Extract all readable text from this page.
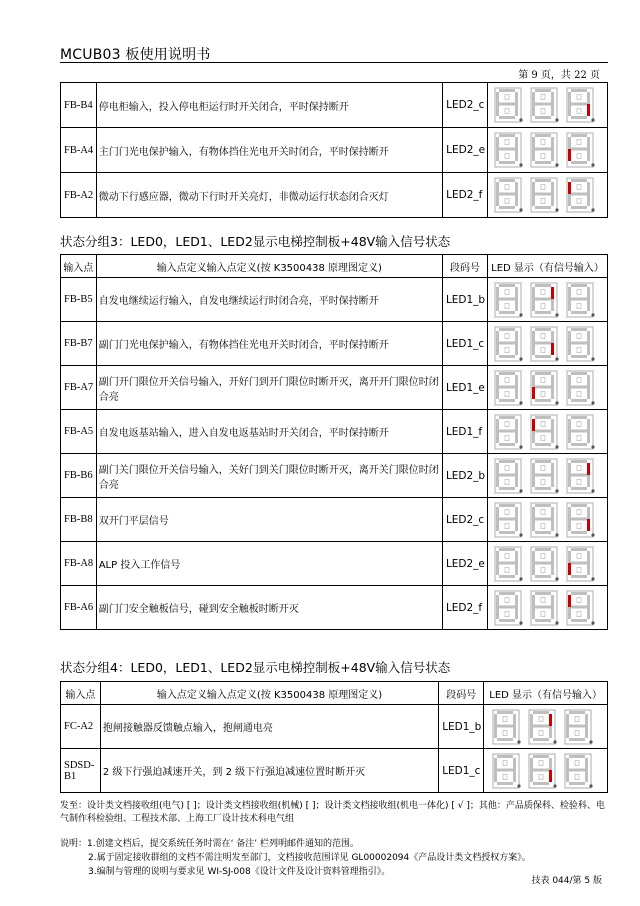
MCUB03 板使用说明书
第 9 页，共 22 页
FB-B4	停电柜输入，投入停电柜运行时开关闭合，平时保持断开	LED2_c	

FB-A4	主门门光电保护输入，有物体挡住光电开关时闭合，平时保持断开	LED2_e	

FB-A2	微动下行感应器，微动下行时开关亮灯，非微动运行状态闭合灭灯	LED2_f	
状态分组3：LED0，LED1、LED2显示电梯控制板+48V输入信号状态
输入点	输入点定义输入点定义(按 K3500438 原理图定义)	段码号	LED 显示（有信号输入）
FB-B5	自发电继续运行输入，自发电继续运行时闭合亮，平时保持断开	LED1_b	

FB-B7	副门门光电保护输入，有物体挡住光电开关时闭合，平时保持断开	LED1_c	

FB-A7	副门开门限位开关信号输入，开好门到开门限位时断开灭，离开开门限位时闭合亮	LED1_e	

FB-A5	自发电返基站输入，进入自发电返基站时开关闭合，平时保持断开	LED1_f	

FB-B6	副门关门限位开关信号输入，关好门到关门限位时断开灭，离开关门限位时闭合亮	LED2_b	

FB-B8	双开门平层信号	LED2_c	

FB-A8	ALP 投入工作信号	LED2_e	

FB-A6	副门门安全触板信号，碰到安全触板时断开灭	LED2_f	
状态分组4：LED0，LED1、LED2显示电梯控制板+48V输入信号状态
输入点	输入点定义输入点定义(按 K3500438 原理图定义)	段码号	LED 显示（有信号输入）
FC-A2	抱闸接触器反馈触点输入，抱闸通电亮	LED1_b	

SDSD-B1	2 级下行强迫减速开关，到 2 级下行强迫减速位置时断开灭	LED1_c	
发至：设计类文档接收组(电气) [ ]；设计类文档接收组(机械) [ ]；设计类文档接收组(机电一体化) [ √ ]；其他：产品质保科、检验科、电气制作科检验组、工程技术部、上海工厂设计技术科电气组
说明：1.创建文档后，提交系统任务时需在‘ 备注’ 栏列明邮件通知的范围。
2.属于固定接收群组的文档不需注明发至部门，文档接收范围详见 GL00002094《产品设计类文档授权方案》。
3.编制与管理的说明与要求见 WI-SJ-008《设计文件及设计资料管理指引》。
技表 044/第 5 版
